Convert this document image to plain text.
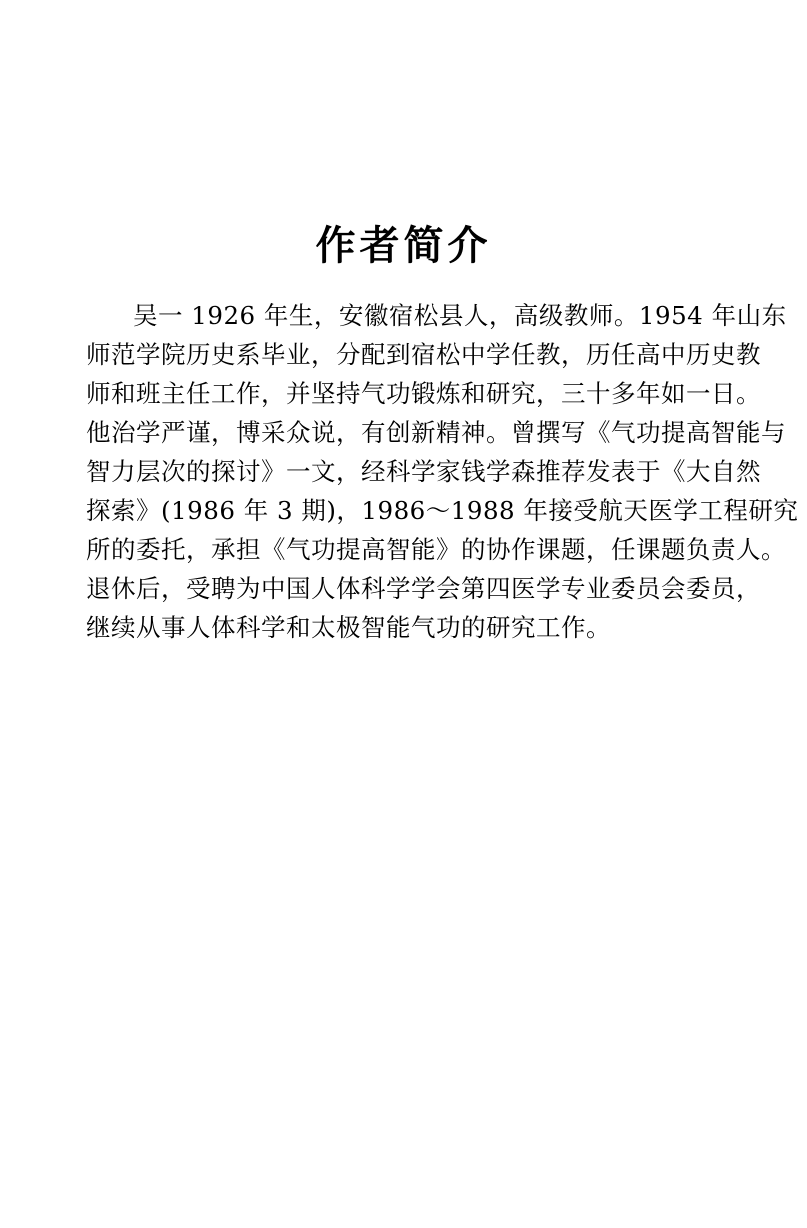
作者简介
吴一 1926 年生，安徽宿松县人，高级教师。1954 年山东
师范学院历史系毕业，分配到宿松中学任教，历任高中历史教
师和班主任工作，并坚持气功锻炼和研究，三十多年如一日。
他治学严谨，博采众说，有创新精神。曾撰写《气功提高智能与
智力层次的探讨》一文，经科学家钱学森推荐发表于《大自然
探索》(1986 年 3 期)，1986～1988 年接受航天医学工程研究
所的委托，承担《气功提高智能》的协作课题，任课题负责人。
退休后，受聘为中国人体科学学会第四医学专业委员会委员，
继续从事人体科学和太极智能气功的研究工作。
